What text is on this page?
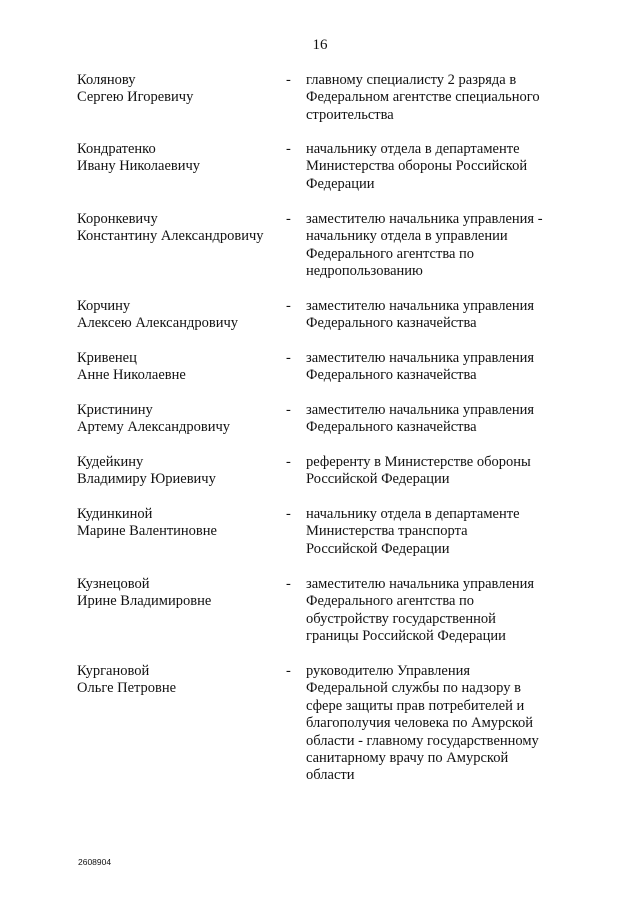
16
Колянову
Сергею Игоревичу
- главному специалисту 2 разряда в
Федеральном агентстве специального
строительства
Кондратенко
Ивану Николаевичу
- начальнику отдела в департаменте
Министерства обороны Российской
Федерации
Коронкевичу
Константину Александровичу
- заместителю начальника управления -
начальнику отдела в управлении
Федерального агентства по
недропользованию
Корчину
Алексею Александровичу
- заместителю начальника управления
Федерального казначейства
Кривенец
Анне Николаевне
- заместителю начальника управления
Федерального казначейства
Кристинину
Артему Александровичу
- заместителю начальника управления
Федерального казначейства
Кудейкину
Владимиру Юриевичу
- референту в Министерстве обороны
Российской Федерации
Кудинкиной
Марине Валентиновне
- начальнику отдела в департаменте
Министерства транспорта
Российской Федерации
Кузнецовой
Ирине Владимировне
- заместителю начальника управления
Федерального агентства по
обустройству государственной
границы Российской Федерации
Кургановой
Ольге Петровне
- руководителю Управления
Федеральной службы по надзору в
сфере защиты прав потребителей и
благополучия человека по Амурской
области - главному государственному
санитарному врачу по Амурской
области
2608904
